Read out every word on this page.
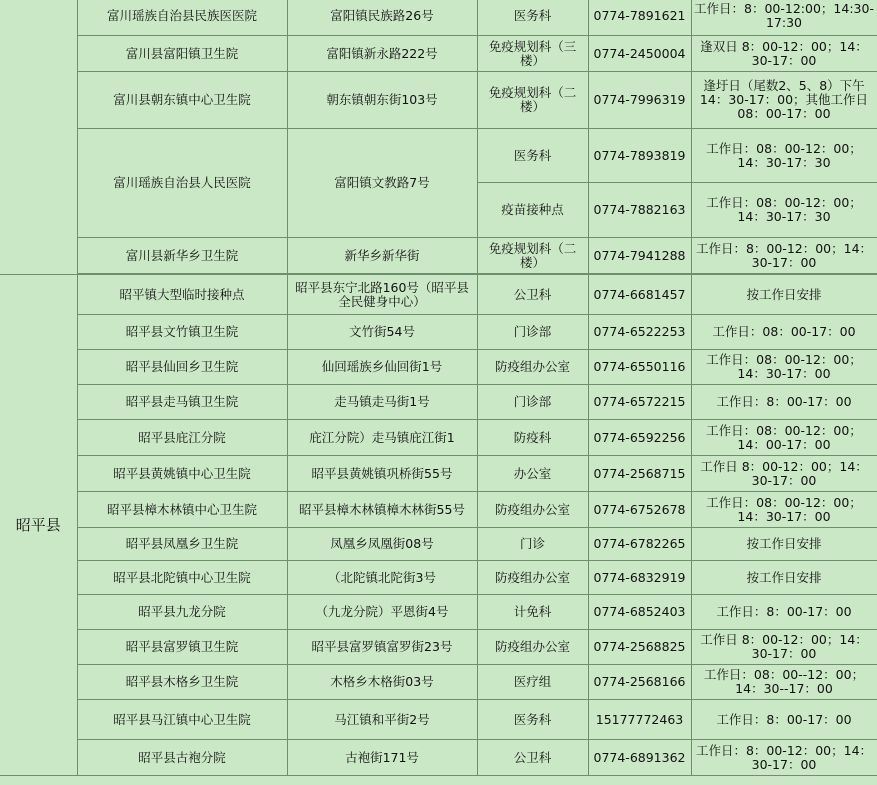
	富川瑶族自治县民族医医院	富阳镇民族路26号	医务科	0774-7891621	工作日：8：00-12:00；14:30-17:30
	富川县富阳镇卫生院	富阳镇新永路222号	免疫规划科（三楼）	0774-2450004	逢双日 8：00-12：00；14：30-17：00
	富川县朝东镇中心卫生院	朝东镇朝东街103号	免疫规划科（二楼）	0774-7996319	逢圩日（尾数2、5、8）下午 14：30-17：00；其他工作日 08：00-17：00
	富川瑶族自治县人民医院	富阳镇文教路7号	医务科	0774-7893819	工作日：08：00-12：00；14：30-17：30
			疫苗接种点	0774-7882163	工作日：08：00-12：00；14：30-17：30
	富川县新华乡卫生院	新华乡新华街	免疫规划科（二楼）	0774-7941288	工作日：8：00-12：00；14：30-17：00

昭平县	昭平镇大型临时接种点	昭平县东宁北路160号（昭平县全民健身中心）	公卫科	0774-6681457	按工作日安排
	昭平县文竹镇卫生院	文竹街54号	门诊部	0774-6522253	工作日：08：00-17：00
	昭平县仙回乡卫生院	仙回瑶族乡仙回街1号	防疫组办公室	0774-6550116	工作日：08：00-12：00；14：30-17：00
	昭平县走马镇卫生院	走马镇走马街1号	门诊部	0774-6572215	工作日：8：00-17：00
	昭平县庇江分院	庇江分院）走马镇庇江街1	防疫科	0774-6592256	工作日：08：00-12：00；14：00-17：00
	昭平县黄姚镇中心卫生院	昭平县黄姚镇巩桥街55号	办公室	0774-2568715	工作日 8：00-12：00；14：30-17：00
	昭平县樟木林镇中心卫生院	昭平县樟木林镇樟木林街55号	防疫组办公室	0774-6752678	工作日：08：00-12：00；14：30-17：00
	昭平县凤凰乡卫生院	凤凰乡凤凰街08号	门诊	0774-6782265	按工作日安排
	昭平县北陀镇中心卫生院	（北陀镇北陀街3号	防疫组办公室	0774-6832919	按工作日安排
	昭平县九龙分院	（九龙分院）平恩街4号	计免科	0774-6852403	工作日：8：00-17：00
	昭平县富罗镇卫生院	昭平县富罗镇富罗街23号	防疫组办公室	0774-2568825	工作日 8：00-12：00；14：30-17：00
	昭平县木格乡卫生院	木格乡木格街03号	医疗组	0774-2568166	工作日：08：00--12：00；14：30--17：00
	昭平县马江镇中心卫生院	马江镇和平街2号	医务科	15177772463	工作日：8：00-17：00
	昭平县古袍分院	古袍街171号	公卫科	0774-6891362	工作日：8：00-12：00；14：30-17：00
